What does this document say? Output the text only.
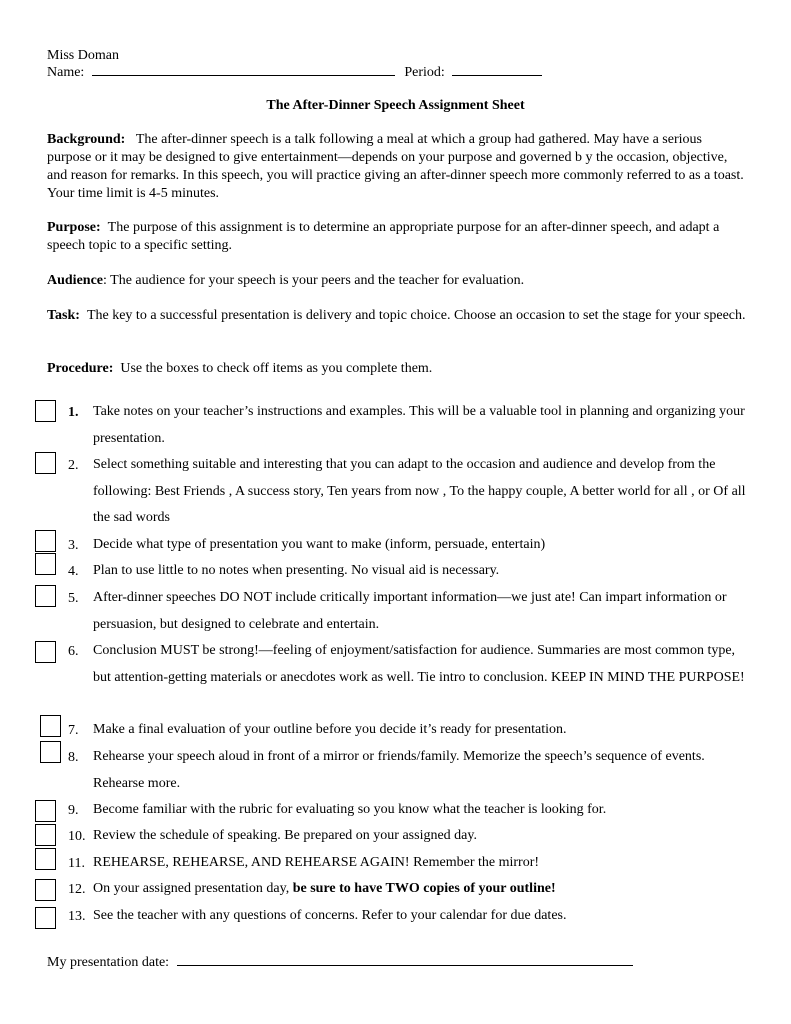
Miss Doman
Name:	Period:
The After-Dinner Speech Assignment Sheet
Background: The after-dinner speech is a talk following a meal at which a group had gathered. May have a serious purpose or it may be designed to give entertainment—depends on your purpose and governed b y the occasion, objective, and reason for remarks. In this speech, you will practice giving an after-dinner speech more commonly referred to as a toast. Your time limit is 4-5 minutes.
Purpose: The purpose of this assignment is to determine an appropriate purpose for an after-dinner speech, and adapt a speech topic to a specific setting.
Audience: The audience for your speech is your peers and the teacher for evaluation.
Task: The key to a successful presentation is delivery and topic choice. Choose an occasion to set the stage for your speech.
Procedure: Use the boxes to check off items as you complete them.
1.
2.
3.
4.
5.
6.
7.
8.
9.
10.
11.
12.
13.
Take notes on your teacher’s instructions and examples. This will be a valuable tool in planning and organizing your presentation.
Select something suitable and interesting that you can adapt to the occasion and audience and develop from the following: Best Friends , A success story, Ten years from now , To the happy couple, A better world for all , or Of all the sad words
Decide what type of presentation you want to make (inform, persuade, entertain)
Plan to use little to no notes when presenting. No visual aid is necessary.
After-dinner speeches DO NOT include critically important information—we just ate! Can impart information or persuasion, but designed to celebrate and entertain.
Conclusion MUST be strong!—feeling of enjoyment/satisfaction for audience. Summaries are most common type, but attention-getting materials or anecdotes work as well. Tie intro to conclusion. KEEP IN MIND THE PURPOSE!
Make a final evaluation of your outline before you decide it’s ready for presentation.
Rehearse your speech aloud in front of a mirror or friends/family. Memorize the speech’s sequence of events. Rehearse more.
Become familiar with the rubric for evaluating so you know what the teacher is looking for.
Review the schedule of speaking. Be prepared on your assigned day.
REHEARSE, REHEARSE, AND REHEARSE AGAIN! Remember the mirror!
On your assigned presentation day, be sure to have TWO copies of your outline!
See the teacher with any questions of concerns. Refer to your calendar for due dates.
My presentation date:
